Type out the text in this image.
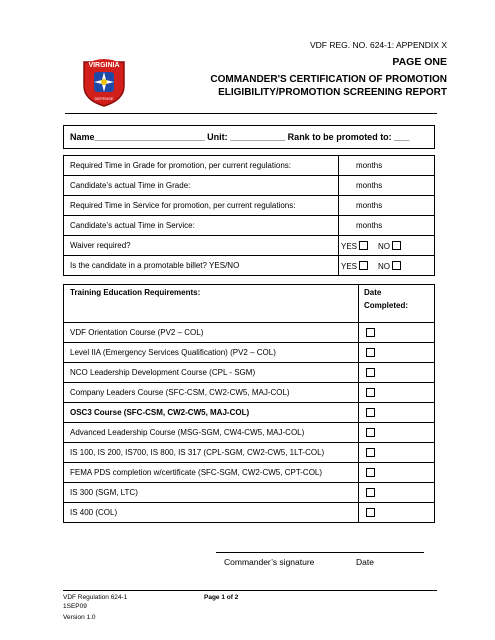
VIRGINIA
DEFENSE
VDF REG. NO. 624-1: APPENDIX X
PAGE ONE
COMMANDER'S CERTIFICATION OF PROMOTION
ELIGIBILITY/PROMOTION SCREENING REPORT
Name______________________ Unit: ___________ Rank to be promoted to: ___
Required Time in Grade for promotion, per current regulations:	months
Candidate’s actual Time in Grade:	months
Required Time in Service for promotion, per current regulations:	months
Candidate’s actual Time in Service:	months
Waiver required?	YES NO
Is the candidate in a promotable billet? YES/NO	YES NO
Training Education Requirements:	Date
Completed:

VDF Orientation Course (PV2 – COL)	
Level IIA (Emergency Services Qualification) (PV2 – COL)	
NCO Leadership Development Course (CPL - SGM)	
Company Leaders Course (SFC-CSM, CW2-CW5, MAJ-COL)	
OSC3 Course (SFC-CSM, CW2-CW5, MAJ-COL)	
Advanced Leadership Course (MSG-SGM, CW4-CW5, MAJ-COL)	
IS 100, IS 200, IS700, IS 800, IS 317 (CPL-SGM, CW2-CW5, 1LT-COL)	
FEMA PDS completion w/certificate (SFC-SGM, CW2-CW5, CPT-COL)	
IS 300 (SGM, LTC)	
IS 400 (COL)	
Commander’s signature	Date
VDF Regulation 624-1
1SEP09
Version 1.0
Page 1 of 2
